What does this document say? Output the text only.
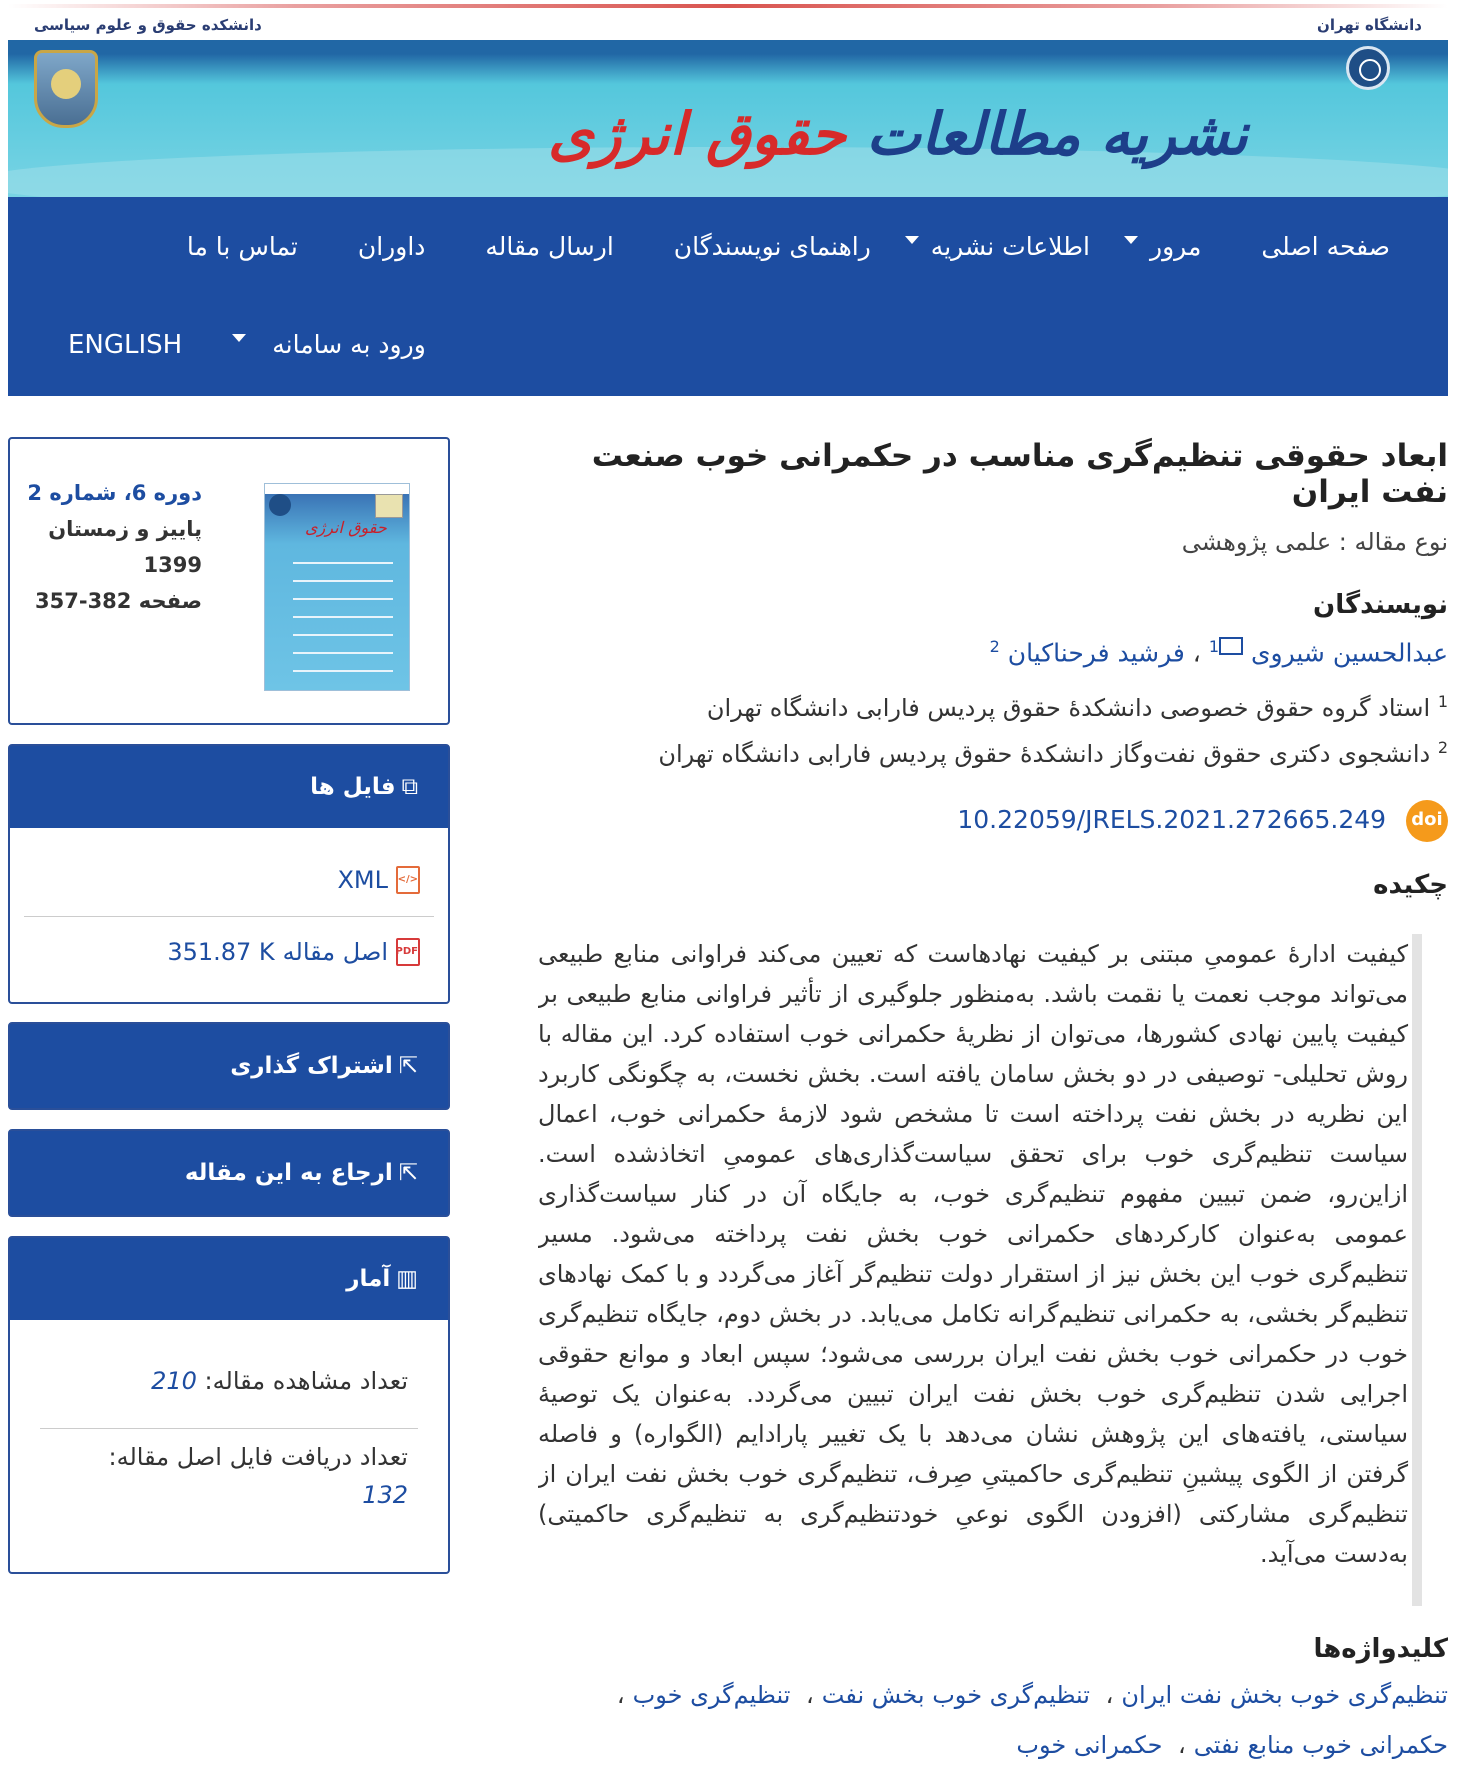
دانشگاه تهران
دانشکده حقوق و علوم سیاسی
نشریه مطالعات حقوق انرژی
صفحه اصلی
مرور
اطلاعات نشریه
راهنمای نویسندگان
ارسال مقاله
داوران
تماس با ما
ENGLISH	ورود به سامانه
حقوق انرژی
دوره 6، شماره 2
پاییز و زمستان
1399
صفحه 382-357
⧉فایل ها
</>
XML
PDF
اصل مقاله
351.87 K
⇱اشتراک گذاری
⇱ارجاع به این مقاله
▥آمار
تعداد مشاهده مقاله: 210
تعداد دریافت فایل اصل مقاله:
132
ابعاد حقوقی تنظیم‌گری مناسب در حکمرانی خوب صنعت نفت ایران
نوع مقاله : علمی پژوهشی
نویسندگان
عبدالحسین شیروی $^1$ ، فرشید فرحناکیان $^2$
$^1$ استاد گروه حقوق خصوصی دانشکدهٔ حقوق پردیس فارابی دانشگاه تهران
$^2$ دانشجوی دکتری حقوق نفت‌وگاز دانشکدهٔ حقوق پردیس فارابی دانشگاه تهران
10.22059/JRELS.2021.272665.249 doi
چکیده
کیفیت ادارهٔ عمومیِ مبتنی بر کیفیت نهادهاست که تعیین می‌کند فراوانی منابع طبیعی می‌تواند موجب نعمت یا نقمت باشد. به‌منظور جلوگیری از تأثیر فراوانی منابع طبیعی بر کیفیت پایین نهادی کشورها، می‌توان از نظریهٔ حکمرانی خوب استفاده کرد. این مقاله با روش تحلیلی- توصیفی در دو بخش سامان یافته است. بخش نخست، به چگونگی کاربرد این نظریه در بخش نفت پرداخته است تا مشخص شود لازمهٔ حکمرانی خوب، اعمال سیاست تنظیم‌گری خوب برای تحقق سیاست‌گذاری‌های عمومیِ اتخاذشده است. ازاین‌رو، ضمن تبیین مفهوم تنظیم‌گری خوب، به جایگاه آن در کنار سیاست‌گذاری عمومی به‌عنوان کارکردهای حکمرانی خوب بخش نفت پرداخته می‌شود. مسیر تنظیم‌گری خوب این بخش نیز از استقرار دولت تنظیم‌گر آغاز می‌گردد و با کمک نهادهای تنظیم‌گر بخشی، به حکمرانی تنظیم‌گرانه تکامل می‌یابد. در بخش دوم، جایگاه تنظیم‌گری خوب در حکمرانی خوب بخش نفت ایران بررسی می‌شود؛ سپس ابعاد و موانع حقوقی اجرایی شدن تنظیم‌گری خوب بخش نفت ایران تبیین می‌گردد. به‌عنوان یک توصیهٔ سیاستی، یافته‌های این پژوهش نشان می‌دهد با یک تغییر پارادایم (الگواره) و فاصله گرفتن از الگوی پیشینِ تنظیم‌گری حاکمیتیِ صِرف، تنظیم‌گری خوب بخش نفت ایران از تنظیم‌گری مشارکتی (افزودن الگوی نوعیِ خودتنظیم‌گری به تنظیم‌گری حاکمیتی) به‌دست می‌آید.
کلیدواژه‌ها
تنظیم‌گری خوب بخش نفت ایران، تنظیم‌گری خوب بخش نفت، تنظیم‌گری خوب،
حکمرانی خوب منابع نفتی، حکمرانی خوب
